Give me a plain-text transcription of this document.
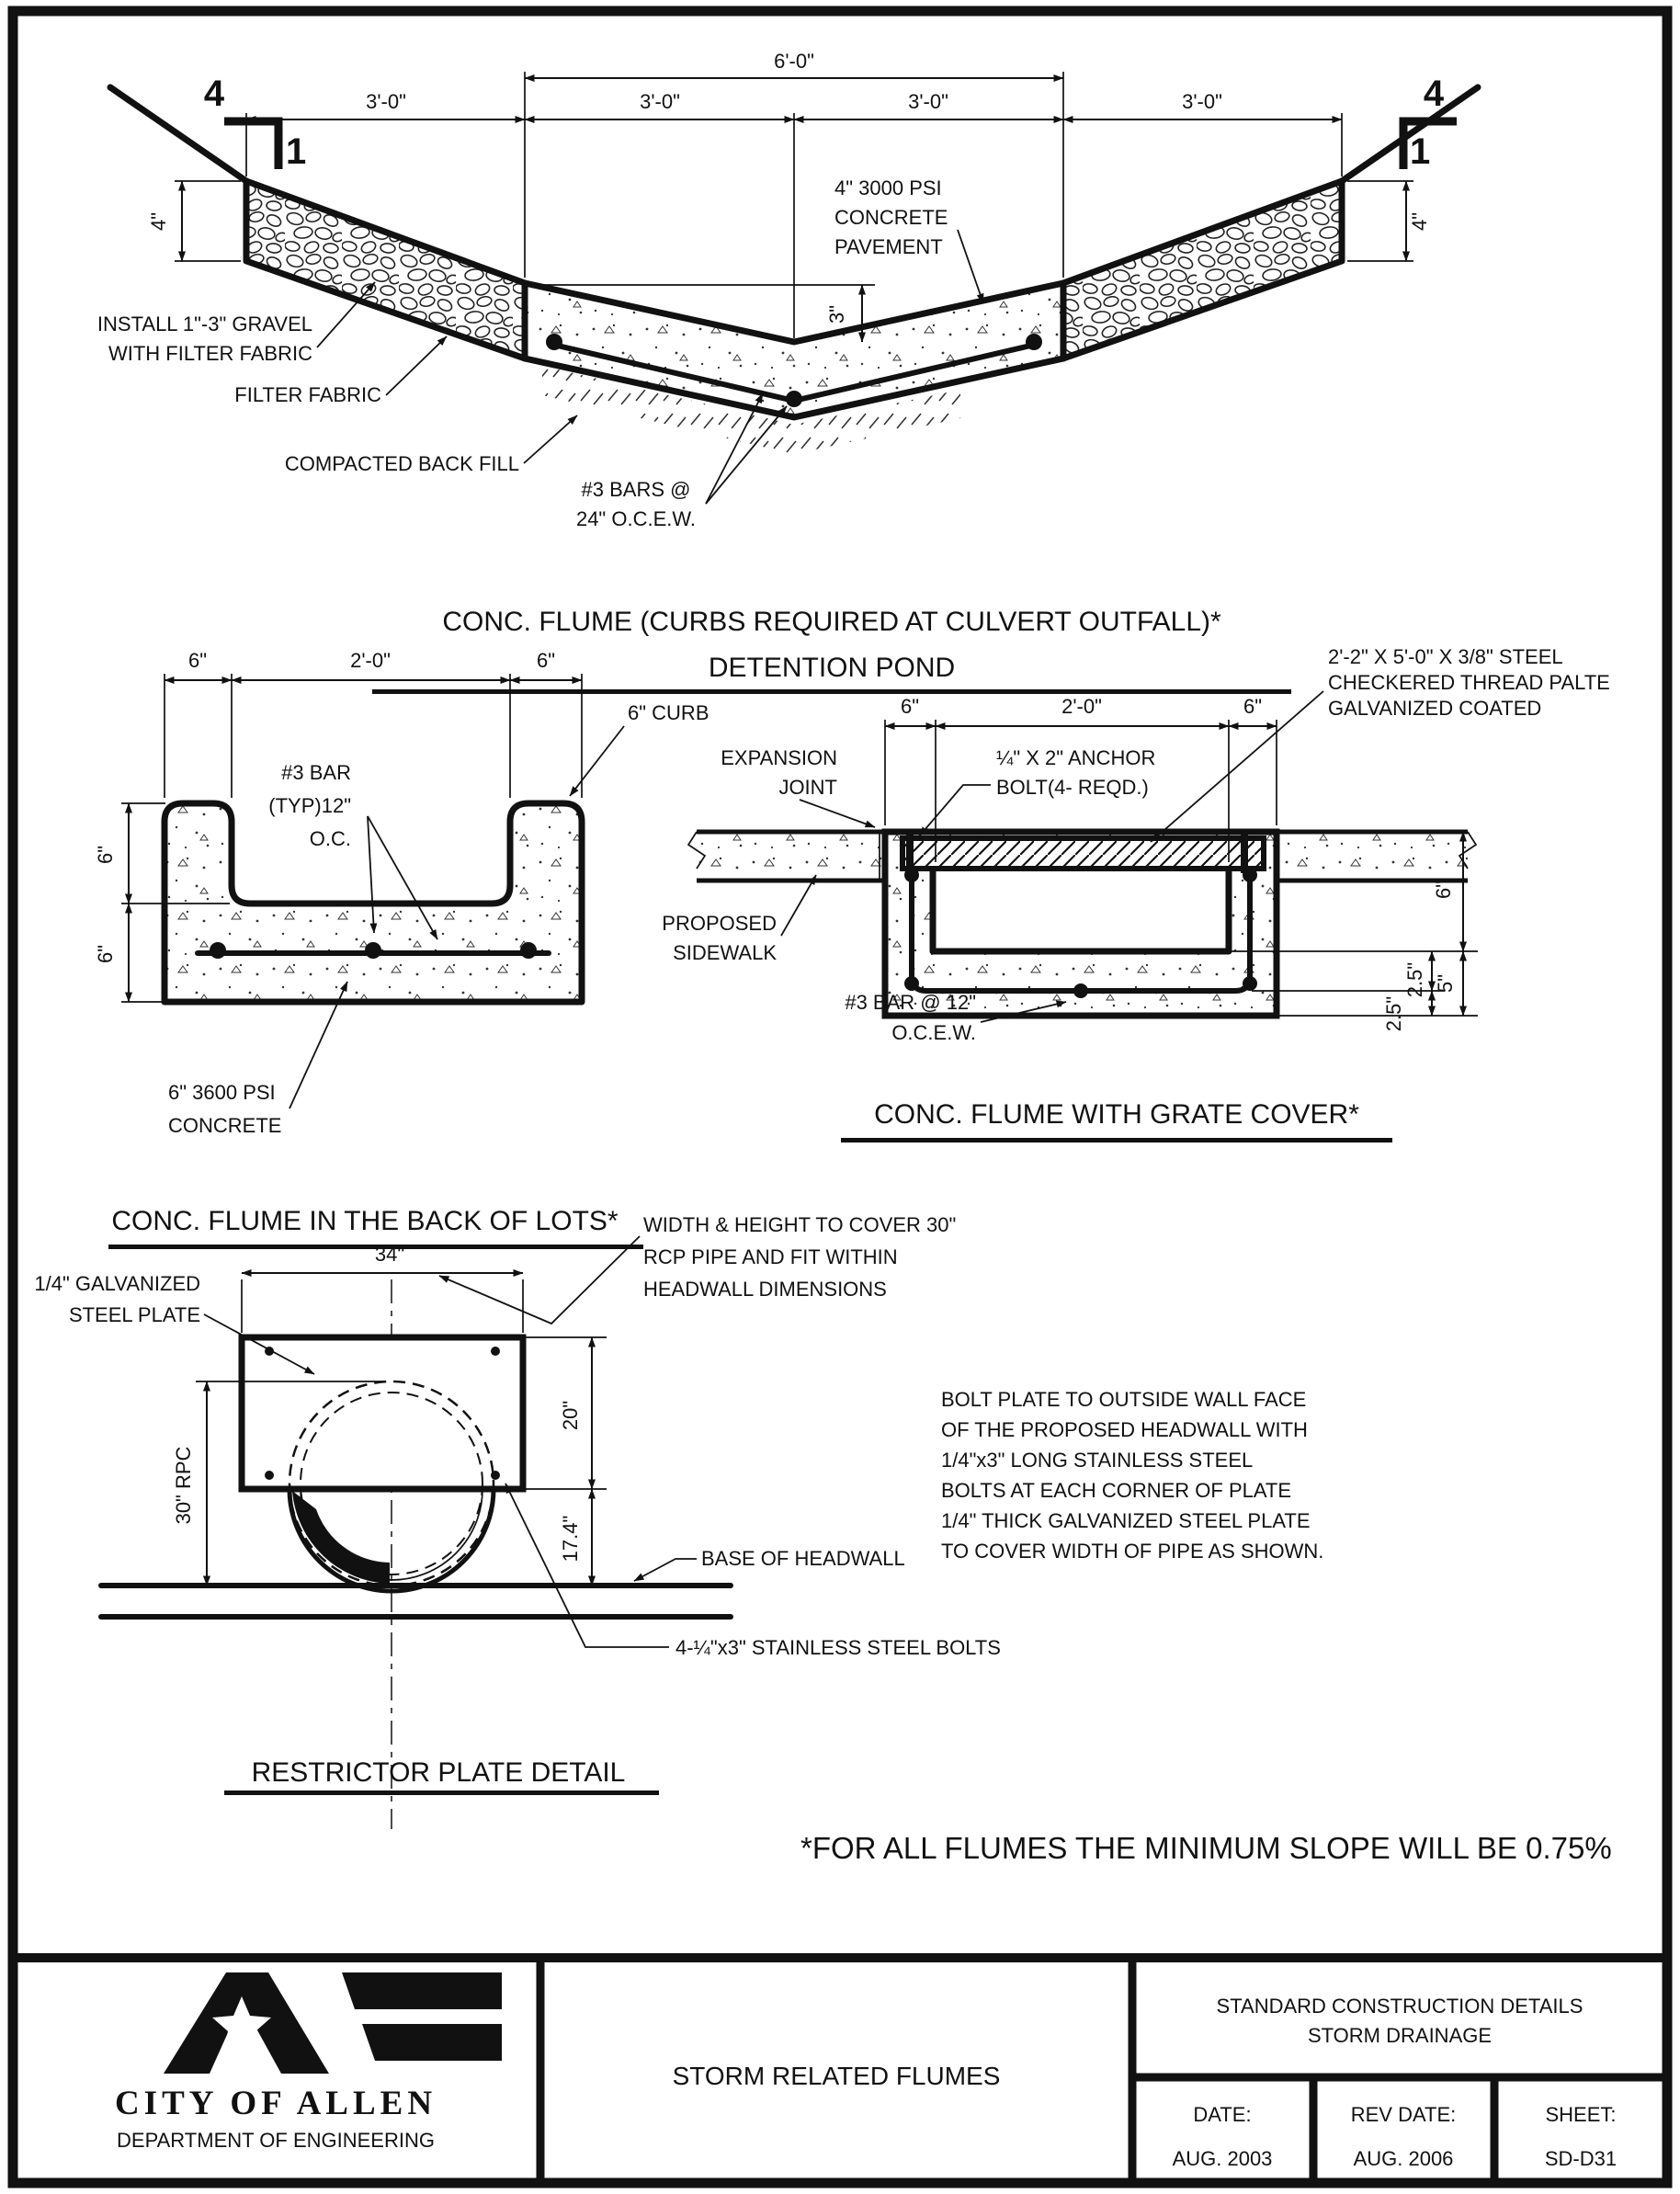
6'-0"
3'-0"	3'-0"	3'-0"	3'-0"
4
1
4
1
4"	4"
3"
4" 3000 PSI
CONCRETE
PAVEMENT
INSTALL 1"-3" GRAVEL
WITH FILTER FABRIC
FILTER FABRIC
COMPACTED BACK FILL
#3 BARS @
24" O.C.E.W.
CONC. FLUME (CURBS REQUIRED AT CULVERT OUTFALL)*
DETENTION POND
6"	2'-0"	6"
6"
6"
6" CURB
#3 BAR
(TYP)12"
O.C.
6" 3600 PSI
CONCRETE
CONC. FLUME IN THE BACK OF LOTS*
6"	2'-0"	6"
6"
2.5"
2.5" 5"
2'-2" X 5'-0" X 3/8" STEEL
CHECKERED THREAD PALTE
GALVANIZED COATED
EXPANSION
JOINT
¼" X 2" ANCHOR
BOLT(4- REQD.)
PROPOSED
SIDEWALK
#3 BAR @ 12"
O.C.E.W.
CONC. FLUME WITH GRATE COVER*
34"
20"
17.4"
30" RPC
1/4" GALVANIZED
STEEL PLATE
WIDTH & HEIGHT TO COVER 30"
RCP PIPE AND FIT WITHIN
HEADWALL DIMENSIONS
BASE OF HEADWALL
4-¼"x3" STAINLESS STEEL BOLTS
BOLT PLATE TO OUTSIDE WALL FACE
OF THE PROPOSED HEADWALL WITH
1/4"x3" LONG STAINLESS STEEL
BOLTS AT EACH CORNER OF PLATE
1/4" THICK GALVANIZED STEEL PLATE
TO COVER WIDTH OF PIPE AS SHOWN.
RESTRICTOR PLATE DETAIL
*FOR ALL FLUMES THE MINIMUM SLOPE WILL BE 0.75%
CITY OF ALLEN
DEPARTMENT OF ENGINEERING
STORM RELATED FLUMES
STANDARD CONSTRUCTION DETAILS
STORM DRAINAGE
DATE:
AUG. 2003
REV DATE:
AUG. 2006
SHEET:
SD-D31
